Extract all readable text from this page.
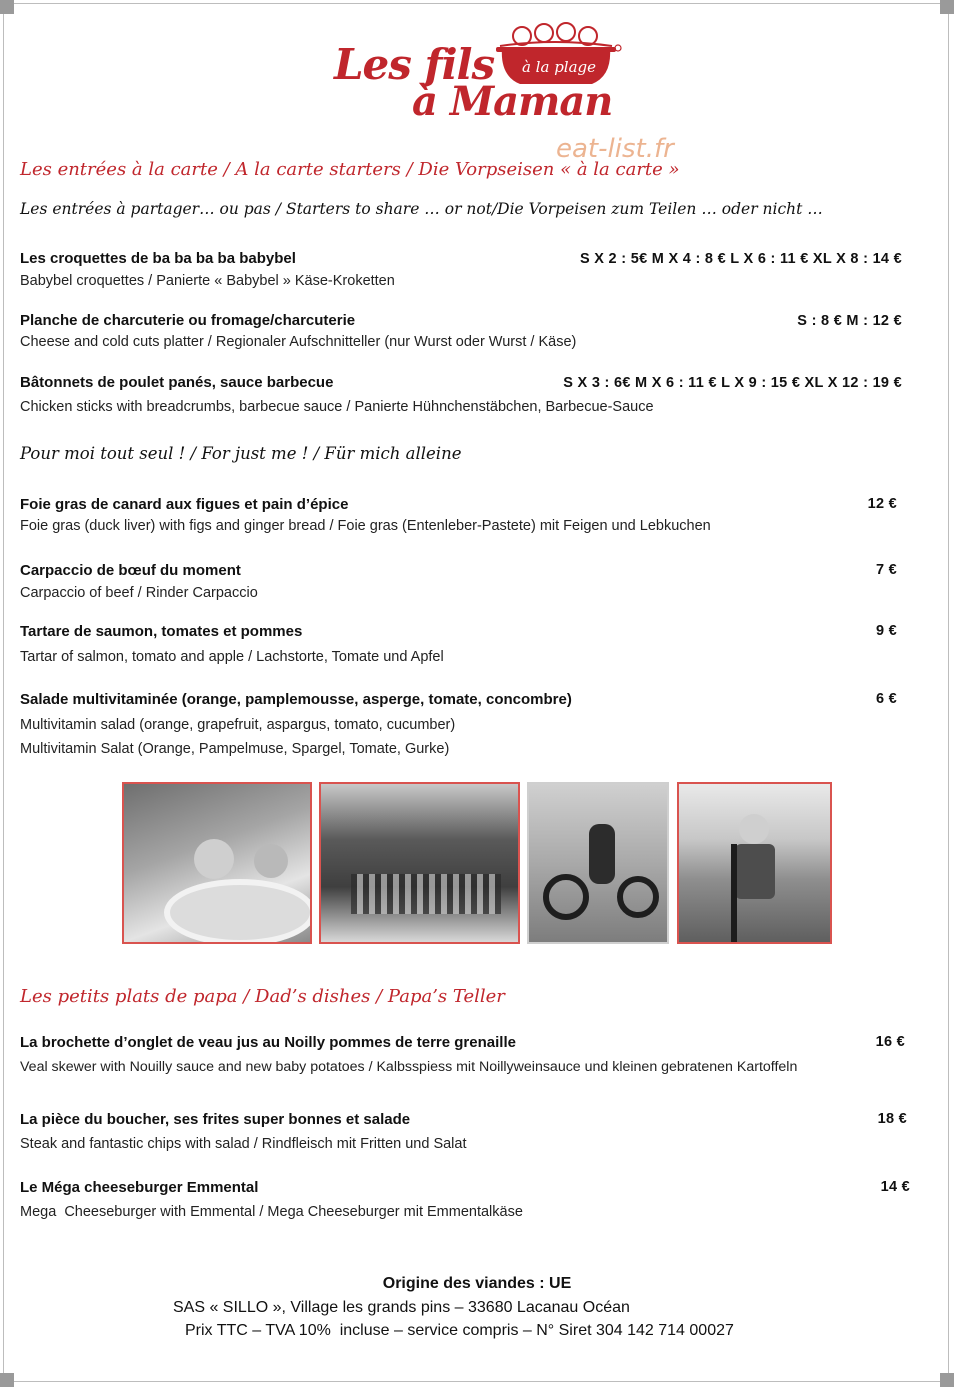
Les fils
à Maman
à la plage
eat-list.fr
Les entrées à la carte / A la carte starters / Die Vorpseisen « à la carte »
Les entrées à partager… ou pas / Starters to share … or not/Die Vorpeisen zum Teilen … oder nicht …
Les croquettes de ba ba ba ba babybel	S X 2 : 5€ M X 4 : 8 € L X 6 : 11 € XL X 8 : 14 €
Babybel croquettes / Panierte « Babybel » Käse-Kroketten
Planche de charcuterie ou fromage/charcuterie	S : 8 € M : 12 €
Cheese and cold cuts platter / Regionaler Aufschnitteller (nur Wurst oder Wurst / Käse)
Bâtonnets de poulet panés, sauce barbecue	S X 3 : 6€ M X 6 : 11 € L X 9 : 15 € XL X 12 : 19 €
Chicken sticks with breadcrumbs, barbecue sauce / Panierte Hühnchenstäbchen, Barbecue-Sauce
Pour moi tout seul ! / For just me ! / Für mich alleine
Foie gras de canard aux figues et pain d’épice	12 €
Foie gras (duck liver) with figs and ginger bread / Foie gras (Entenleber-Pastete) mit Feigen und Lebkuchen
Carpaccio de bœuf du moment	7 €
Carpaccio of beef / Rinder Carpaccio
Tartare de saumon, tomates et pommes	9 €
Tartar of salmon, tomato and apple / Lachstorte, Tomate und Apfel
Salade multivitaminée (orange, pamplemousse, asperge, tomate, concombre)	6 €
Multivitamin salad (orange, grapefruit, aspargus, tomato, cucumber)
Multivitamin Salat (Orange, Pampelmuse, Spargel, Tomate, Gurke)
Les petits plats de papa / Dad’s dishes / Papa’s Teller
La brochette d’onglet de veau jus au Noilly pommes de terre grenaille	16 €
Veal skewer with Nouilly sauce and new baby potatoes / Kalbsspiess mit Noillyweinsauce und kleinen gebratenen Kartoffeln
La pièce du boucher, ses frites super bonnes et salade	18 €
Steak and fantastic chips with salad / Rindfleisch mit Fritten und Salat
Le Méga cheeseburger Emmental	14 €
Mega  Cheeseburger with Emmental / Mega Cheeseburger mit Emmentalkäse
Origine des viandes : UE
SAS « SILLO », Village les grands pins – 33680 Lacanau Océan
Prix TTC – TVA 10%  incluse – service compris – N° Siret 304 142 714 00027
